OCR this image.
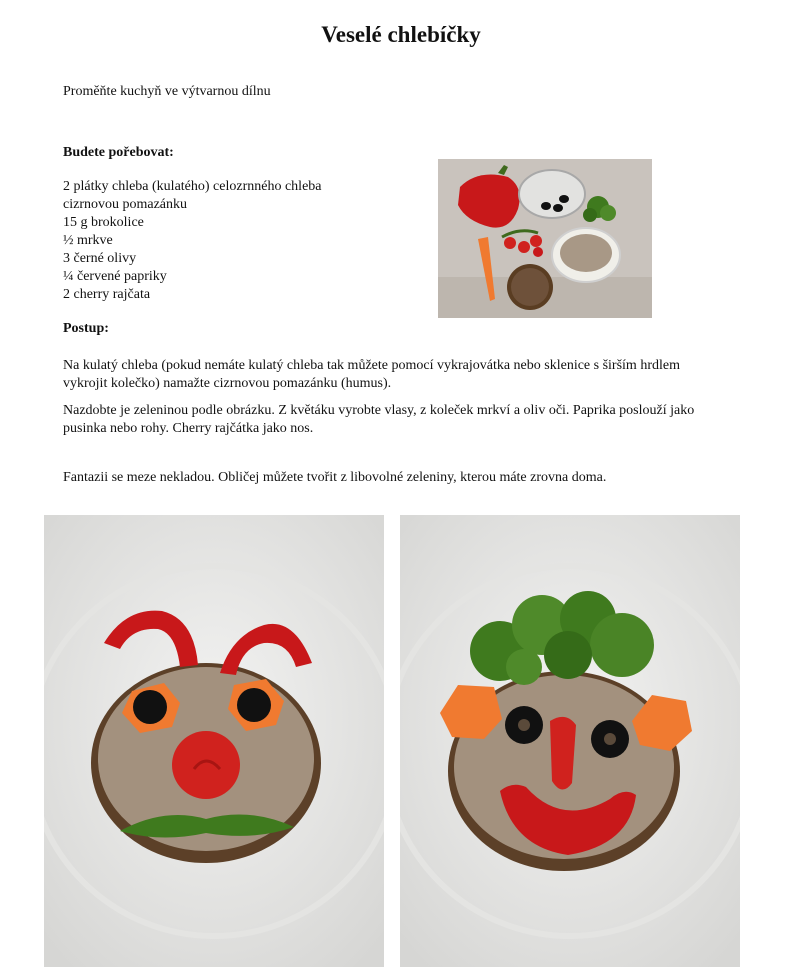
Veselé chlebíčky
Proměňte kuchyň ve výtvarnou dílnu
Budete pořebovat:
2 plátky chleba (kulatého) celozrnného chleba
cizrnovou pomazánku
15 g brokolice
½ mrkve
3 černé olivy
¼ červené papriky
2 cherry rajčata
Postup:

Na kulatý chleba (pokud nemáte kulatý chleba tak můžete pomocí vykrajovátka nebo sklenice s širším hrdlem vykrojit kolečko) namažte cizrnovou pomazánku (humus).

Nazdobte je zeleninou podle obrázku. Z květáku vyrobte vlasy, z koleček mrkví a oliv oči. Paprika poslouží jako pusinka nebo rohy. Cherry rajčátka jako nos.

Fantazii se meze nekladou. Obličej můžete tvořit z libovolné zeleniny, kterou máte zrovna doma.
